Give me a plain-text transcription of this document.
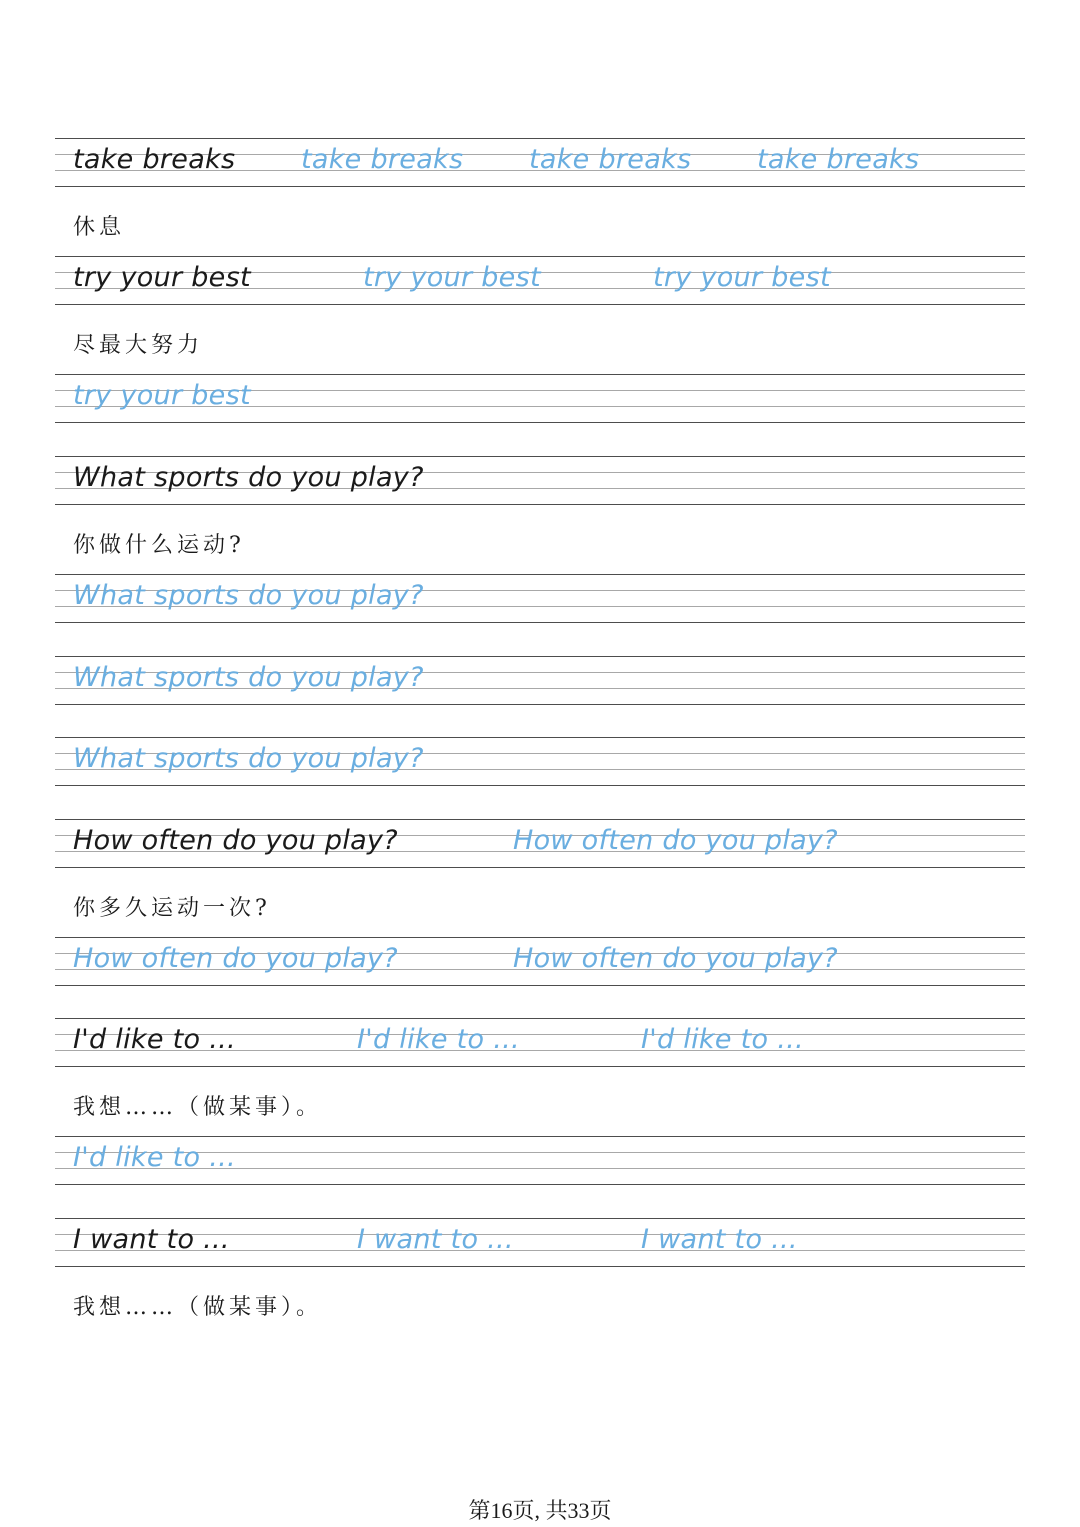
take breaks take breaks take breaks take breaks
休息
try your best	try your best	try your best
尽最大努力
try your best
What sports do you play?
你做什么运动?
What sports do you play?
What sports do you play?
What sports do you play?
How often do you play?	How often do you play?
你多久运动一次?
How often do you play?	How often do you play?
I'd like to ...	I'd like to ...	I'd like to ...
我想……（做某事）。
I'd like to ...
I want to ...	I want to ...	I want to ...
我想……（做某事）。
第16页, 共33页
